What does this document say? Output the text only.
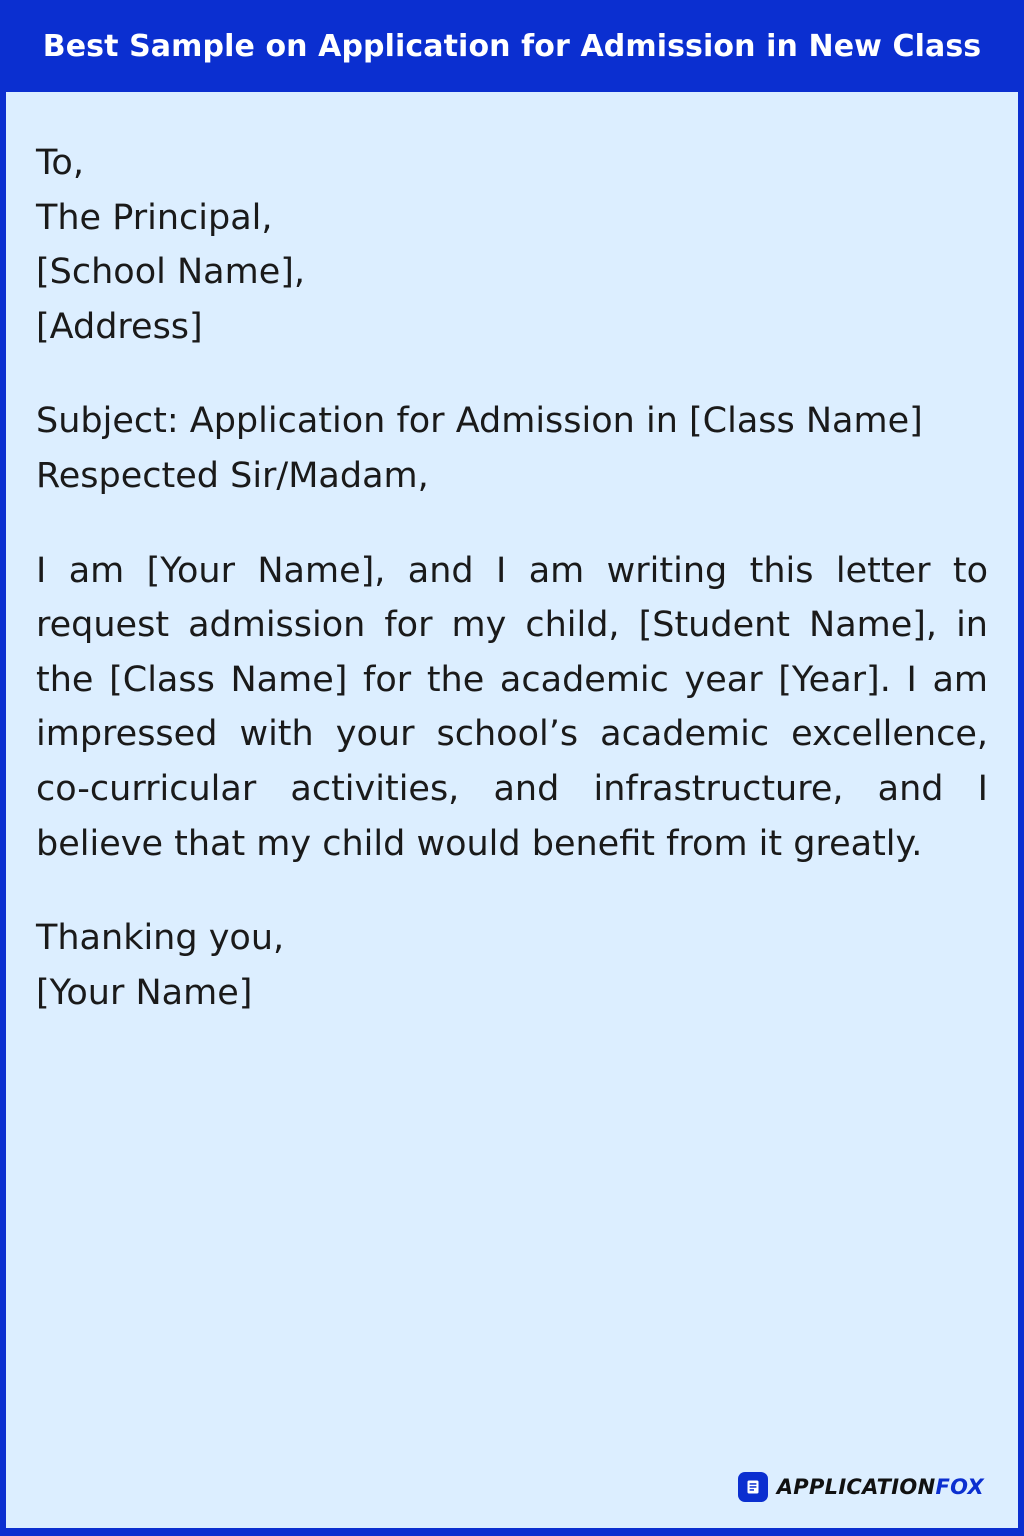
Best Sample on Application for Admission in New Class
To,
The Principal,
[School Name],
[Address]
Subject: Application for Admission in [Class Name]
Respected Sir/Madam,

I am [Your Name], and I am writing this letter to request admission for my child, [Student Name], in the [Class Name] for the academic year [Year]. I am impressed with your school’s academic excellence, co-curricular activities, and infrastructure, and I believe that my child would benefit from it greatly.

Thanking you,
[Your Name]
APPLICATIONFOX
